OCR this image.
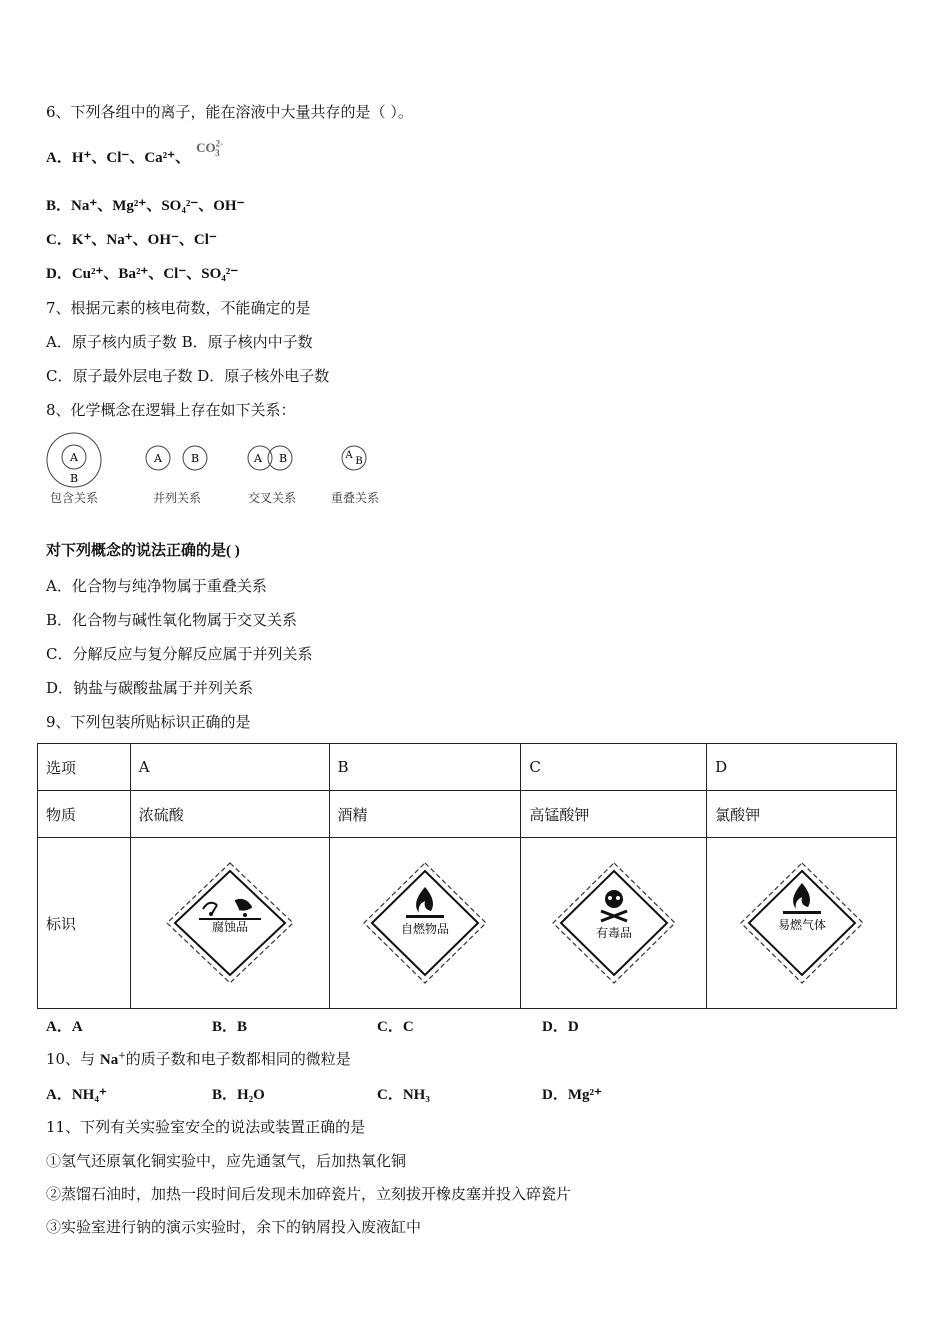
6、下列各组中的离子，能在溶液中大量共存的是（ ）。
A．H⁺、Cl⁻、Ca²⁺、$CO^{2-}_3$
B．Na⁺、Mg²⁺、SO₄²⁻、OH⁻
C．K⁺、Na⁺、OH⁻、Cl⁻
D．Cu²⁺、Ba²⁺、Cl⁻、SO₄²⁻
7、根据元素的核电荷数，不能确定的是
A．原子核内质子数 B．原子核内中子数
C．原子最外层电子数 D．原子核外电子数
8、化学概念在逻辑上存在如下关系：
A
B
包含关系
A	B
并列关系
A B
交叉关系
A
B
重叠关系
对下列概念的说法正确的是( )
A．化合物与纯净物属于重叠关系
B．化合物与碱性氧化物属于交叉关系
C．分解反应与复分解反应属于并列关系
D．钠盐与碳酸盐属于并列关系
9、下列包装所贴标识正确的是
选项	A	B	C	D
物质	浓硫酸	酒精	高锰酸钾	氯酸钾
标识	腐蚀品	自燃物品	有毒品	易燃气体
A．A	B．B	C．C	D．D
10、与 Na+的质子数和电子数都相同的微粒是
A．NH₄⁺	B．H₂O	C．NH₃	D．Mg²⁺
11、下列有关实验室安全的说法或装置正确的是
①氢气还原氧化铜实验中，应先通氢气，后加热氧化铜
②蒸馏石油时，加热一段时间后发现未加碎瓷片，立刻拔开橡皮塞并投入碎瓷片
③实验室进行钠的演示实验时，余下的钠屑投入废液缸中
